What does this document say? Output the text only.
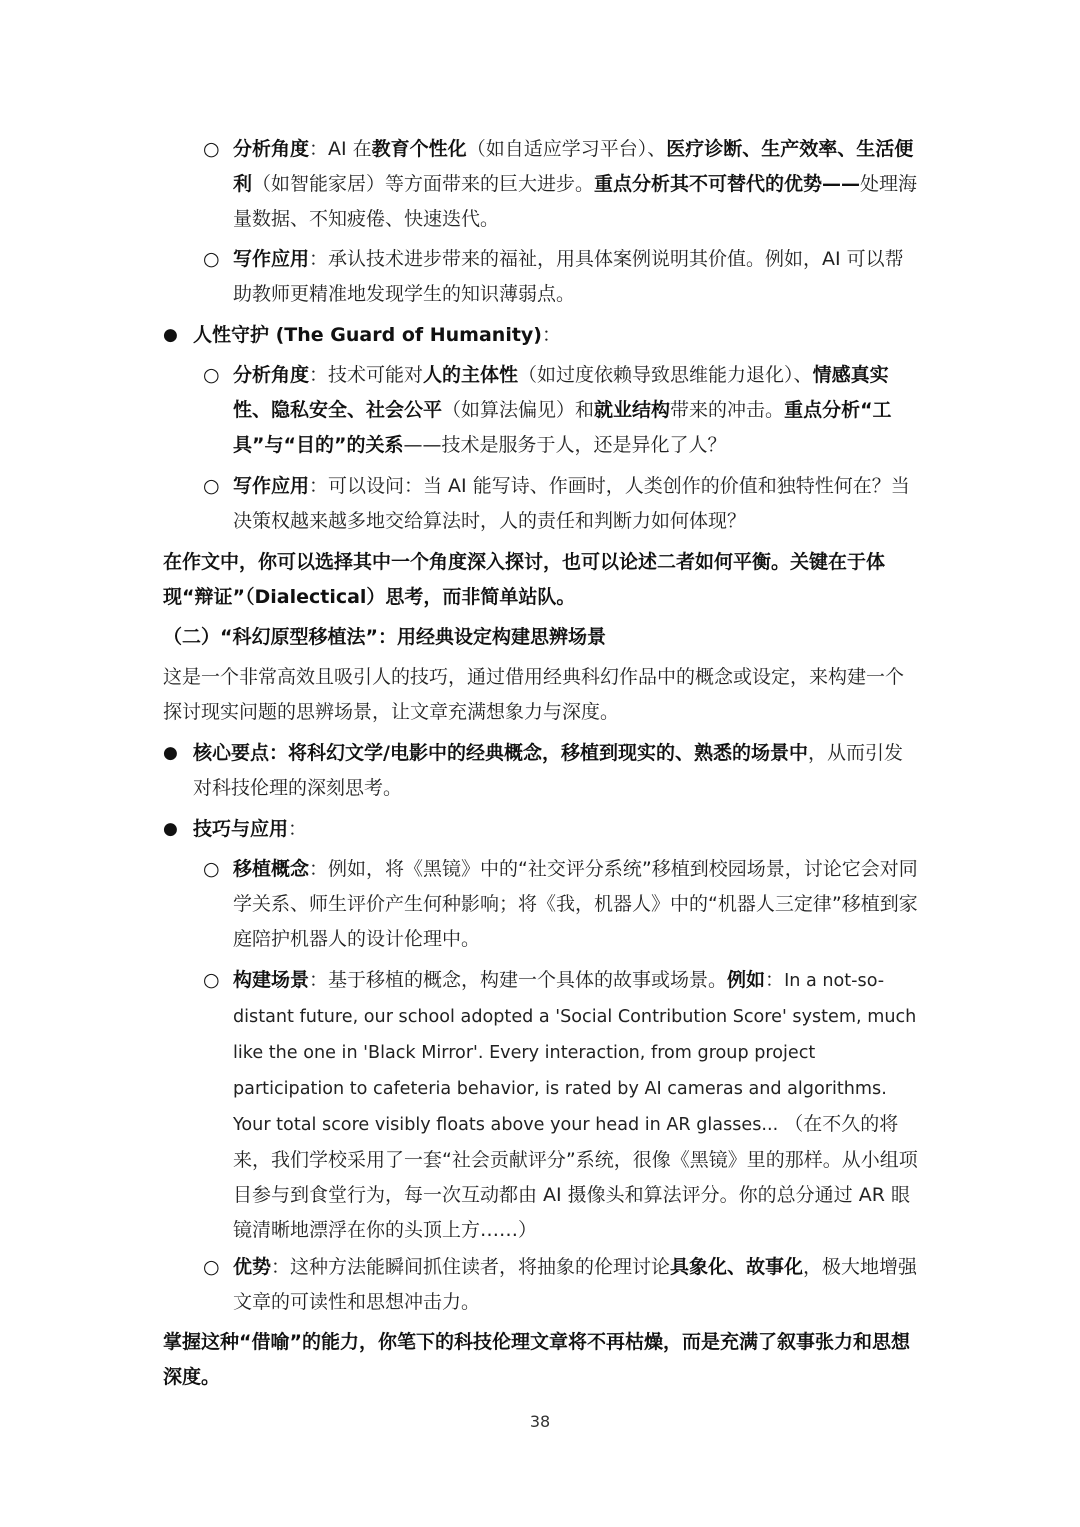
○ 分析角度：AI 在教育个性化（如自适应学习平台）、医疗诊断、生产效率、生活便利（如智能家居）等方面带来的巨大进步。重点分析其不可替代的优势——处理海量数据、不知疲倦、快速迭代。
○ 写作应用：承认技术进步带来的福祉，用具体案例说明其价值。例如，AI 可以帮助教师更精准地发现学生的知识薄弱点。
● 人性守护 (The Guard of Humanity)：
○ 分析角度：技术可能对人的主体性（如过度依赖导致思维能力退化）、情感真实性、隐私安全、社会公平（如算法偏见）和就业结构带来的冲击。重点分析“工具”与“目的”的关系——技术是服务于人，还是异化了人？
○ 写作应用：可以设问：当 AI 能写诗、作画时，人类创作的价值和独特性何在？当决策权越来越多地交给算法时，人的责任和判断力如何体现？
在作文中，你可以选择其中一个角度深入探讨，也可以论述二者如何平衡。关键在于体现“辩证”（Dialectical）思考，而非简单站队。
（二）“科幻原型移植法”：用经典设定构建思辨场景
这是一个非常高效且吸引人的技巧，通过借用经典科幻作品中的概念或设定，来构建一个探讨现实问题的思辨场景，让文章充满想象力与深度。
● 核心要点：将科幻文学/电影中的经典概念，移植到现实的、熟悉的场景中，从而引发对科技伦理的深刻思考。
● 技巧与应用：
○ 移植概念：例如，将《黑镜》中的“社交评分系统”移植到校园场景，讨论它会对同学关系、师生评价产生何种影响；将《我，机器人》中的“机器人三定律”移植到家庭陪护机器人的设计伦理中。
○ 构建场景：基于移植的概念，构建一个具体的故事或场景。例如：In a not-so-distant future, our school adopted a 'Social Contribution Score' system, much like the one in 'Black Mirror'. Every interaction, from group project participation to cafeteria behavior, is rated by AI cameras and algorithms. Your total score visibly floats above your head in AR glasses... （在不久的将来，我们学校采用了一套“社会贡献评分”系统，很像《黑镜》里的那样。从小组项目参与到食堂行为，每一次互动都由 AI 摄像头和算法评分。你的总分通过 AR 眼镜清晰地漂浮在你的头顶上方……）
○ 优势：这种方法能瞬间抓住读者，将抽象的伦理讨论具象化、故事化，极大地增强文章的可读性和思想冲击力。
掌握这种“借喻”的能力，你笔下的科技伦理文章将不再枯燥，而是充满了叙事张力和思想深度。
38
